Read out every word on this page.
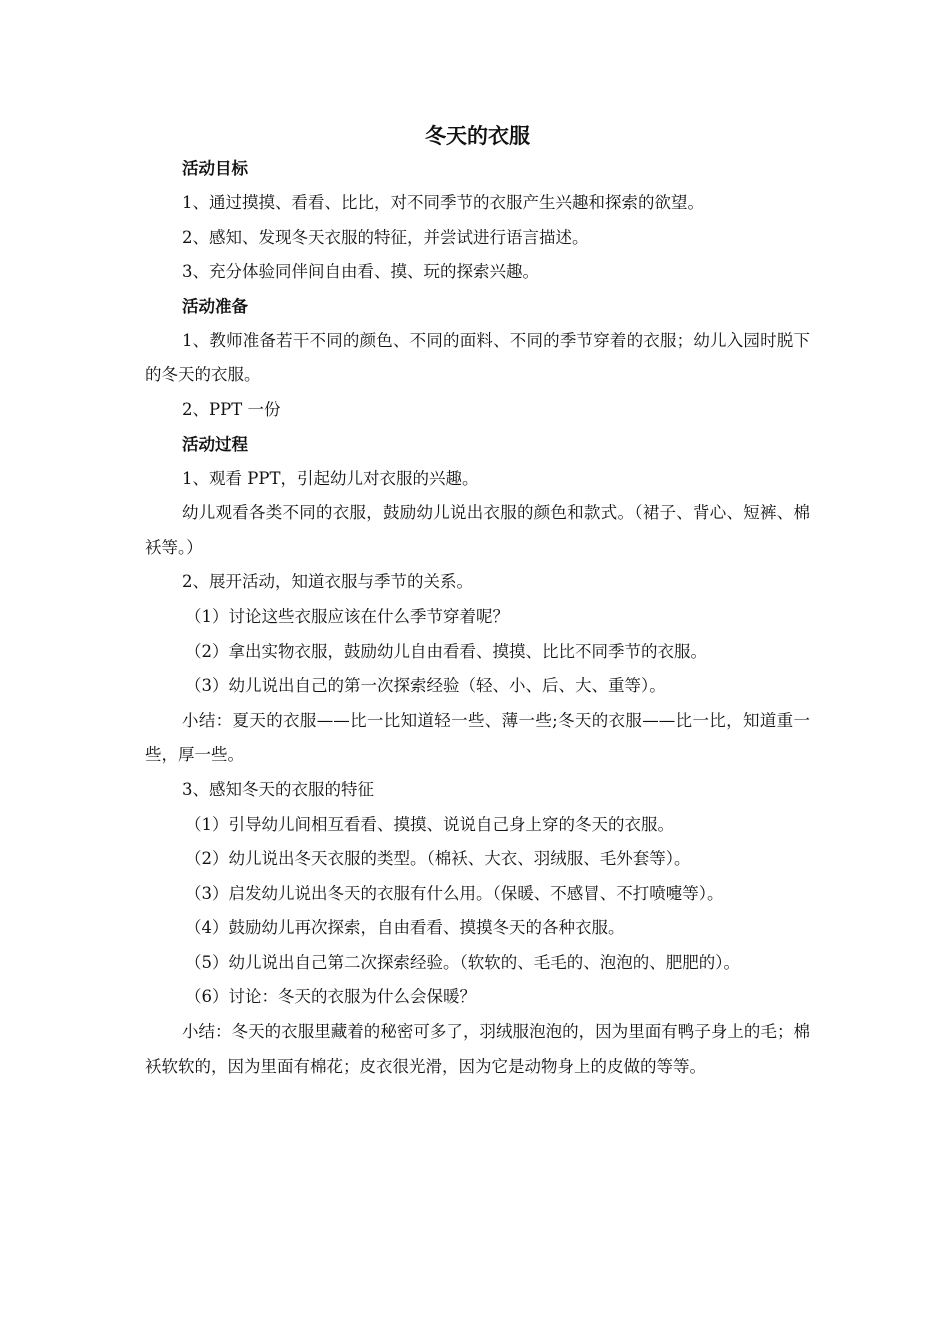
冬天的衣服

活动目标

1、通过摸摸、看看、比比，对不同季节的衣服产生兴趣和探索的欲望。

2、感知、发现冬天衣服的特征，并尝试进行语言描述。

3、充分体验同伴间自由看、摸、玩的探索兴趣。

活动准备

1、教师准备若干不同的颜色、不同的面料、不同的季节穿着的衣服；幼儿入园时脱下的冬天的衣服。

2、PPT 一份

活动过程

1、观看 PPT，引起幼儿对衣服的兴趣。

幼儿观看各类不同的衣服，鼓励幼儿说出衣服的颜色和款式。（裙子、背心、短裤、棉袄等。）

2、展开活动，知道衣服与季节的关系。

（1）讨论这些衣服应该在什么季节穿着呢？

（2）拿出实物衣服，鼓励幼儿自由看看、摸摸、比比不同季节的衣服。

（3）幼儿说出自己的第一次探索经验（轻、小、后、大、重等）。

小结：夏天的衣服——比一比知道轻一些、薄一些;冬天的衣服——比一比，知道重一些，厚一些。

3、感知冬天的衣服的特征

（1）引导幼儿间相互看看、摸摸、说说自己身上穿的冬天的衣服。

（2）幼儿说出冬天衣服的类型。（棉袄、大衣、羽绒服、毛外套等）。

（3）启发幼儿说出冬天的衣服有什么用。（保暖、不感冒、不打喷嚏等）。

（4）鼓励幼儿再次探索，自由看看、摸摸冬天的各种衣服。

（5）幼儿说出自己第二次探索经验。（软软的、毛毛的、泡泡的、肥肥的）。

（6）讨论：冬天的衣服为什么会保暖？

小结：冬天的衣服里藏着的秘密可多了，羽绒服泡泡的，因为里面有鸭子身上的毛；棉袄软软的，因为里面有棉花；皮衣很光滑，因为它是动物身上的皮做的等等。
